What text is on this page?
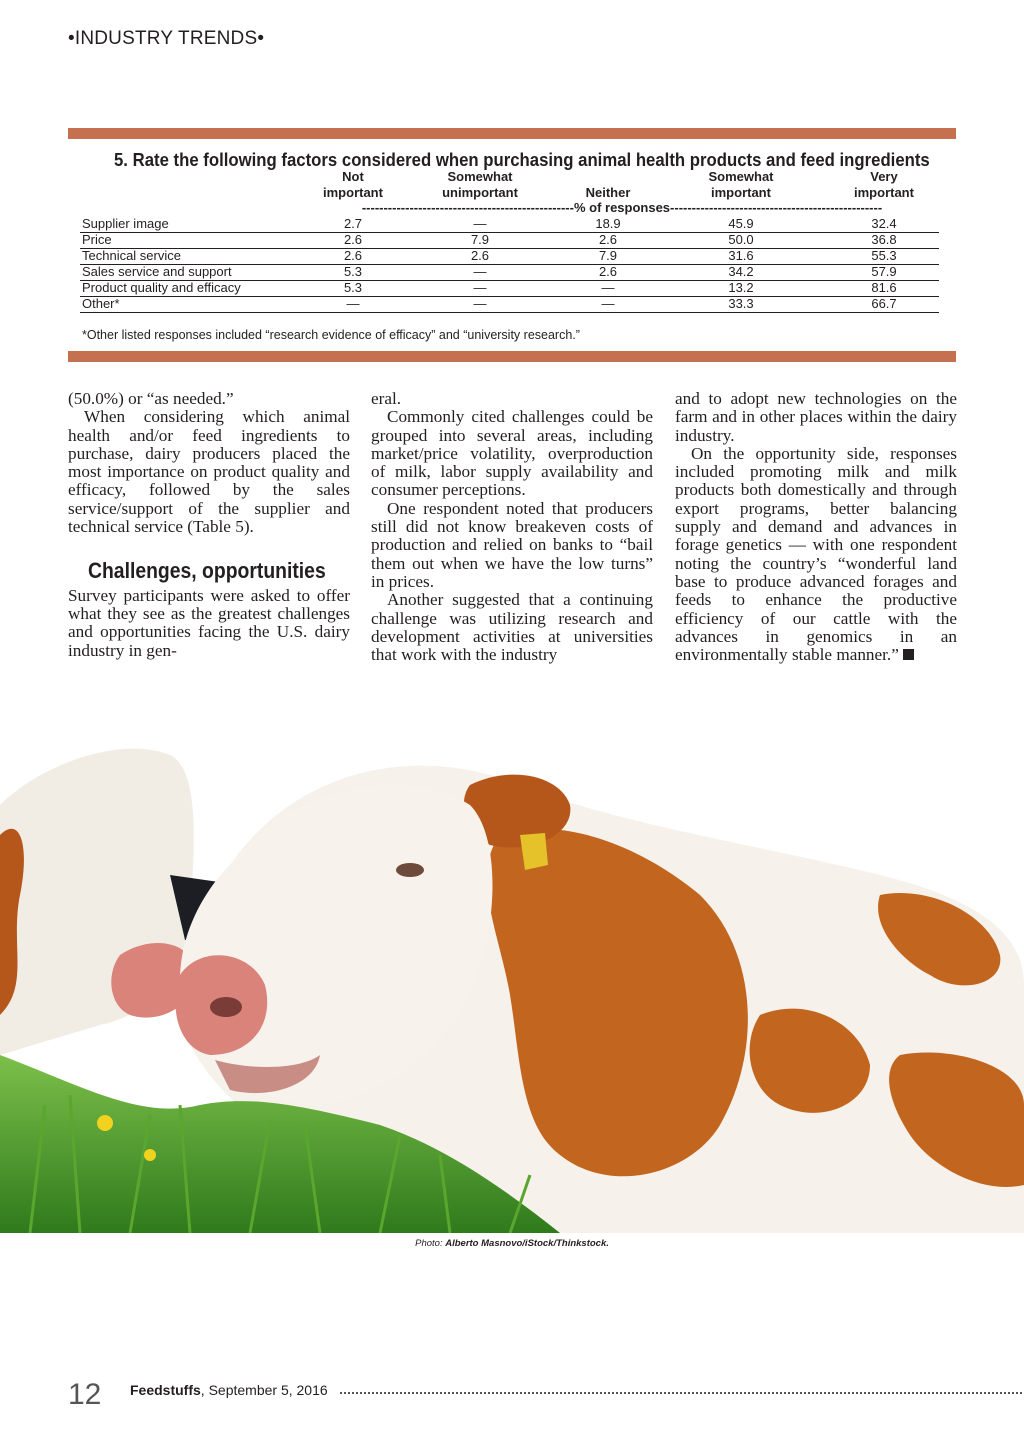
•INDUSTRY TRENDS•
5. Rate the following factors considered when purchasing animal health products and feed ingredients
Not
important
Somewhat
unimportant	Neither
Somewhat
important
Very
important
-------------------------------------------------% of responses-------------------------------------------------
Supplier image	2.7	—	18.9	45.9	32.4
Price	2.6	7.9	2.6	50.0	36.8
Technical service	2.6	2.6	7.9	31.6	55.3
Sales service and support	5.3	—	2.6	34.2	57.9
Product quality and efficacy	5.3	—	—	13.2	81.6
Other*	—	—	—	33.3	66.7
*Other listed responses included “research evidence of efficacy” and “university research.”

(50.0%) or “as needed.”

When considering which animal health and/or feed ingredients to purchase, dairy producers placed the most importance on product quality and efficacy, followed by the sales service/support of the supplier and technical service (Table 5).

Challenges, opportunities

Survey participants were asked to offer what they see as the greatest challenges and opportunities facing the U.S. dairy industry in gen-

eral.

Commonly cited challenges could be grouped into several areas, including market/price volatility, overproduction of milk, labor supply availability and consumer perceptions.

One respondent noted that producers still did not know breakeven costs of production and relied on banks to “bail them out when we have the low turns” in prices.

Another suggested that a continuing challenge was utilizing research and development activities at universities that work with the industry

and to adopt new technologies on the farm and in other places within the dairy industry.

On the opportunity side, responses included promoting milk and milk products both domestically and through export programs, better balancing supply and demand and advances in forage genetics — with one respondent noting the country’s “wonderful land base to produce advanced forages and feeds to enhance the productive efficiency of our cattle with the advances in genomics in an environmentally stable manner.”

Photo: Alberto Masnovo/iStock/Thinkstock.
12 Feedstuffs, September 5, 2016
